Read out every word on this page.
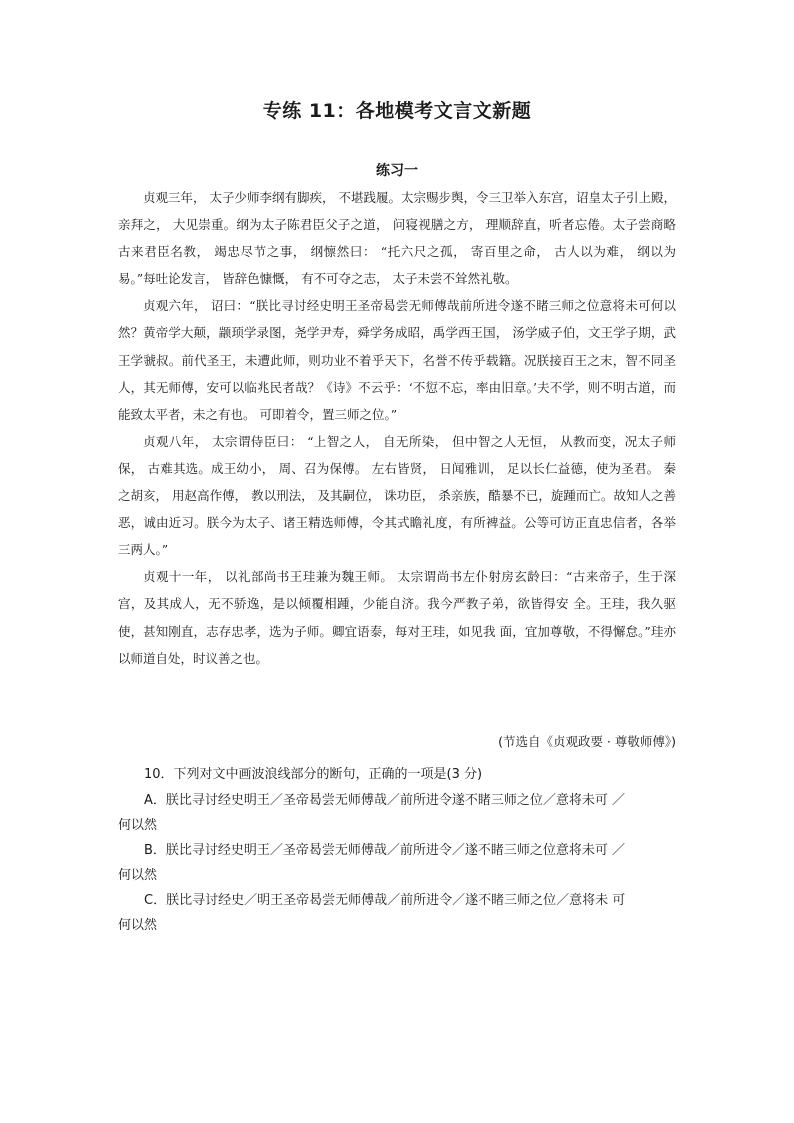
专练 11：各地模考文言文新题
练习一

贞观三年， 太子少师李纲有脚疾， 不堪践履。太宗赐步舆，令三卫举入东宫，诏皇太子引上殿， 亲拜之， 大见崇重。纲为太子陈君臣父子之道， 问寝视膳之方， 理顺辞直，听者忘倦。太子尝商略古来君臣名教， 竭忠尽节之事， 纲懔然曰： “托六尺之孤， 寄百里之命， 古人以为难， 纲以为易。”每吐论发言， 皆辞色慷慨， 有不可夺之志， 太子未尝不耸然礼敬。

贞观六年， 诏曰：“朕比寻讨经史明王圣帝曷尝无师傅哉前所进令遂不睹三师之位意将未可何以然？黄帝学大颠，颛顼学录图，尧学尹寿，舜学务成昭，禹学西王国， 汤学威子伯，文王学子期，武王学虢叔。前代圣王，未遭此师，则功业不着乎天下，名誉不传乎载籍。况朕接百王之末，智不同圣人，其无师傅，安可以临兆民者哉？《诗》不云乎：‘不愆不忘，率由旧章。’夫不学，则不明古道，而能致太平者，未之有也。 可即着令，置三师之位。”

贞观八年， 太宗谓侍臣曰： “上智之人， 自无所染， 但中智之人无恒， 从教而变，况太子师保， 古难其选。成王幼小， 周、召为保傅。 左右皆贤， 日闻雅训， 足以长仁益德，使为圣君。 秦之胡亥， 用赵高作傅， 教以刑法， 及其嗣位， 诛功臣， 杀亲族，酷暴不已，旋踵而亡。故知人之善恶，诚由近习。朕今为太子、诸王精选师傅，令其式瞻礼度，有所裨益。公等可访正直忠信者，各举三两人。”

贞观十一年， 以礼部尚书王珪兼为魏王师。 太宗谓尚书左仆射房玄龄曰：“古来帝子，生于深宫，及其成人，无不骄逸，是以倾覆相踵，少能自济。我今严教子弟，欲皆得安 全。王珪，我久驱使，甚知刚直，志存忠孝，选为子师。卿宜语泰，每对王珪，如见我 面，宜加尊敬，不得懈怠。”珪亦以师道自处，时议善之也。

(节选自《贞观政要 · 尊敬师傅》)

10．下列对文中画波浪线部分的断句，正确的一项是(3 分)

A．朕比寻讨经史明王／圣帝曷尝无师傅哉／前所进令遂不睹三师之位／意将未可 ／
何以然
B．朕比寻讨经史明王／圣帝曷尝无师傅哉／前所进令／遂不睹三师之位意将未可 ／
何以然
C．朕比寻讨经史／明王圣帝曷尝无师傅哉／前所进令／遂不睹三师之位／意将未 可
何以然
